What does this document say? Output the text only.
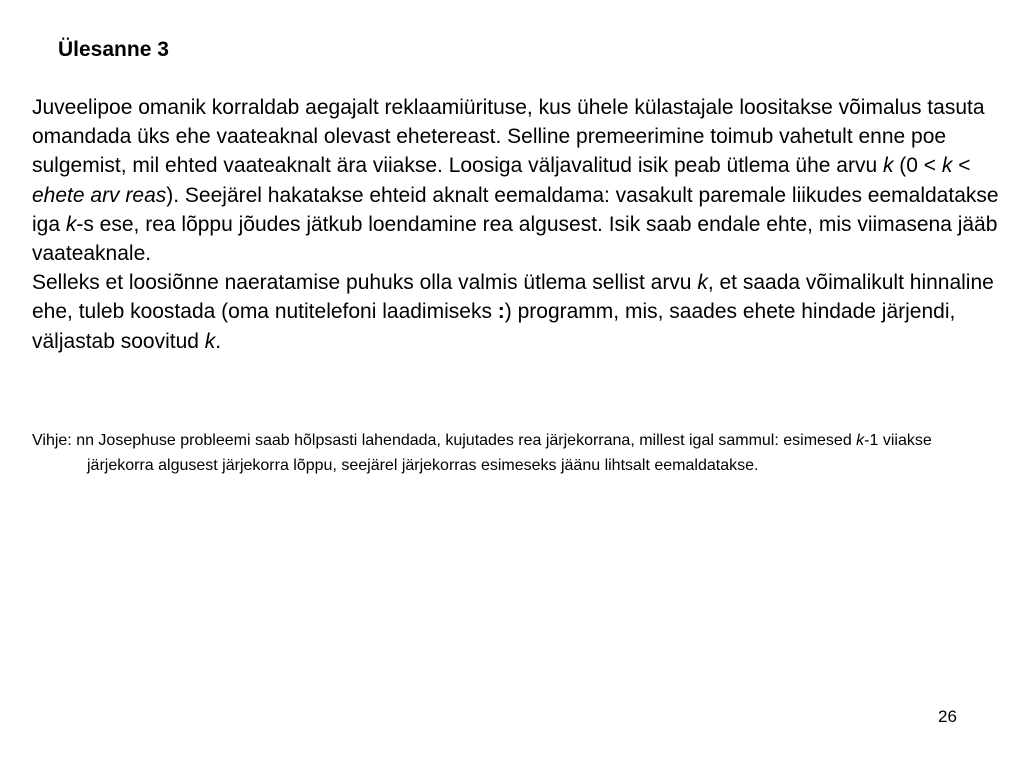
Ülesanne 3

Juveelipoe omanik korraldab aegajalt reklaamiürituse, kus ühele külastajale loositakse võimalus tasuta omandada üks ehe vaateaknal olevast ehetereast. Selline premeerimine toimub vahetult enne poe sulgemist, mil ehted vaateaknalt ära viiakse. Loosiga väljavalitud isik peab ütlema ühe arvu k (0 < k < ehete arv reas). Seejärel hakatakse ehteid aknalt eemaldama: vasakult paremale liikudes eemaldatakse iga k-s ese, rea lõppu jõudes jätkub loendamine rea algusest. Isik saab endale ehte, mis viimasena jääb vaateaknale.

Selleks et loosiõnne naeratamise puhuks olla valmis ütlema sellist arvu k, et saada võimalikult hinnaline ehe, tuleb koostada (oma nutitelefoni laadimiseks :) programm, mis, saades ehete hindade järjendi, väljastab soovitud k.

Vihje: nn Josephuse probleemi saab hõlpsasti lahendada, kujutades rea järjekorrana, millest igal sammul: esimesed k-1 viiakse järjekorra algusest järjekorra lõppu, seejärel järjekorras esimeseks jäänu lihtsalt eemaldatakse.
26
